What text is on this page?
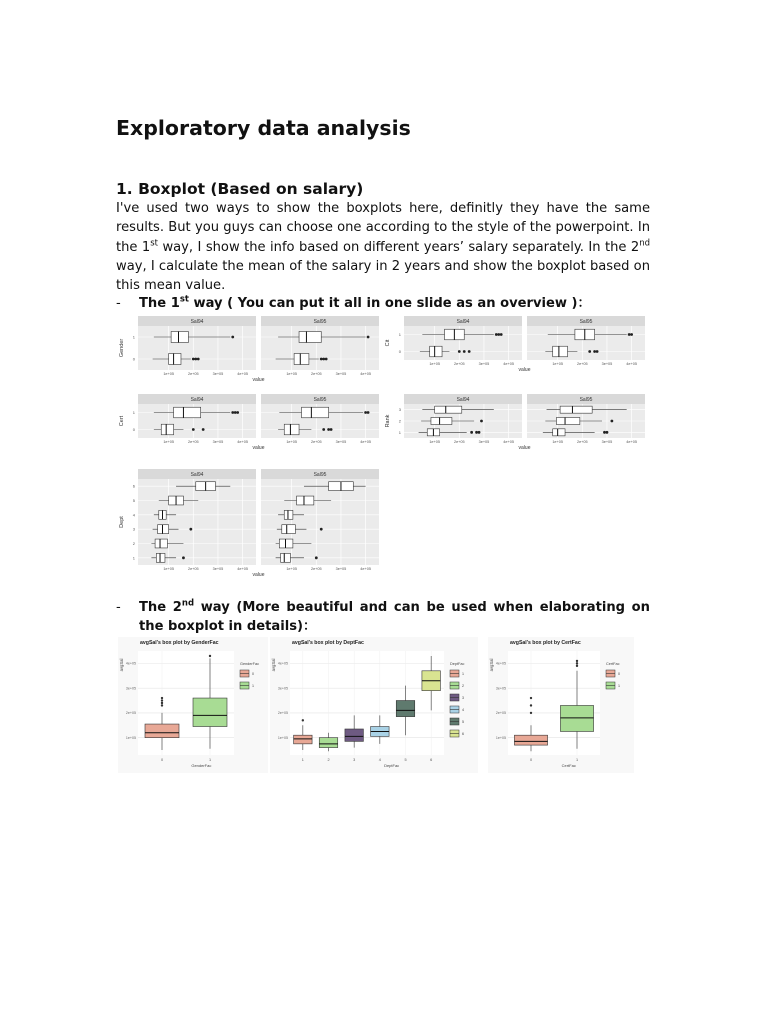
Exploratory data analysis
1. Boxplot (Based on salary)

I've used two ways to show the boxplots here, definitly they have the same results. But you guys can choose one according to the style of the powerpoint. In the 1st way, I show the info based on different years’ salary separately. In the 2nd way, I calculate the mean of the salary in 2 years and show the boxplot based on this mean value.

- The 1st way ( You can put it all in one slide as an overview )：
Gender
Sal94
1e+05	2e+05	3e+05	4e+05
0
1
Sal95
1e+05	2e+05	3e+05	4e+05
value
Cit
Sal94
1e+05	2e+05	3e+05	4e+05
0
1
Sal95
1e+05	2e+05	3e+05	4e+05
value
Cert
Sal94
1e+05	2e+05	3e+05	4e+05
0
1
Sal95
1e+05	2e+05	3e+05	4e+05
value
Rank
Sal94
1e+05	2e+05	3e+05	4e+05
1
2
3
Sal95
1e+05	2e+05	3e+05	4e+05
value
Dept
Sal94
1e+05	2e+05	3e+05	4e+05
1
2
3
4
5
6
Sal95
1e+05	2e+05	3e+05	4e+05
value
- The 2nd way (More beautiful and can be used when elaborating on the boxplot in details)：
avgSal's box plot by GenderFac
1e+05
2e+05
3e+05
4e+05
avgSal
0	1
GenderFac
GenderFac
0
1
avgSal's box plot by DeptFac
1e+05
2e+05
3e+05
4e+05
avgSal
1	2	3	4	5	6
DeptFac
DeptFac
1
2
3
4
5
6
avgSal's box plot by CertFac
1e+05
2e+05
3e+05
4e+05
avgSal
0	1
CertFac
CertFac
0
1
